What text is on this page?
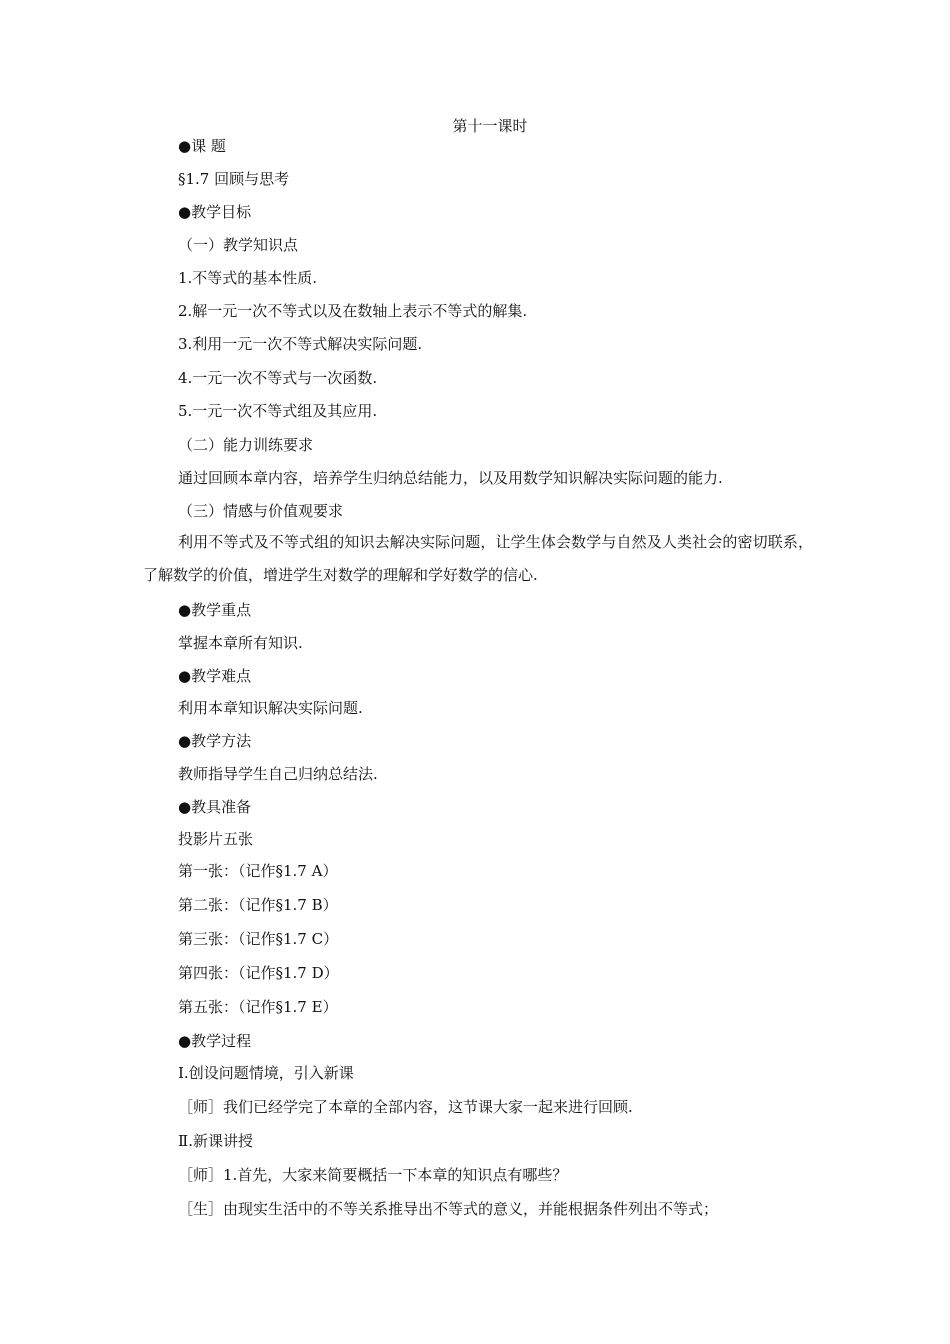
第十一课时
●课 题
§1.7 回顾与思考
●教学目标
（一）教学知识点
1.不等式的基本性质.
2.解一元一次不等式以及在数轴上表示不等式的解集.
3.利用一元一次不等式解决实际问题.
4.一元一次不等式与一次函数.
5.一元一次不等式组及其应用.
（二）能力训练要求
通过回顾本章内容，培养学生归纳总结能力，以及用数学知识解决实际问题的能力.
（三）情感与价值观要求

利用不等式及不等式组的知识去解决实际问题，让学生体会数学与自然及人类社会的密切联系，了解数学的价值，增进学生对数学的理解和学好数学的信心.

●教学重点
掌握本章所有知识.
●教学难点
利用本章知识解决实际问题.
●教学方法
教师指导学生自己归纳总结法.
●教具准备
投影片五张
第一张：（记作§1.7 A）
第二张：（记作§1.7 B）
第三张：（记作§1.7 C）
第四张：（记作§1.7 D）
第五张：（记作§1.7 E）
●教学过程
Ⅰ.创设问题情境，引入新课
［师］我们已经学完了本章的全部内容，这节课大家一起来进行回顾.
Ⅱ.新课讲授
［师］1.首先，大家来简要概括一下本章的知识点有哪些？
［生］由现实生活中的不等关系推导出不等式的意义，并能根据条件列出不等式；
